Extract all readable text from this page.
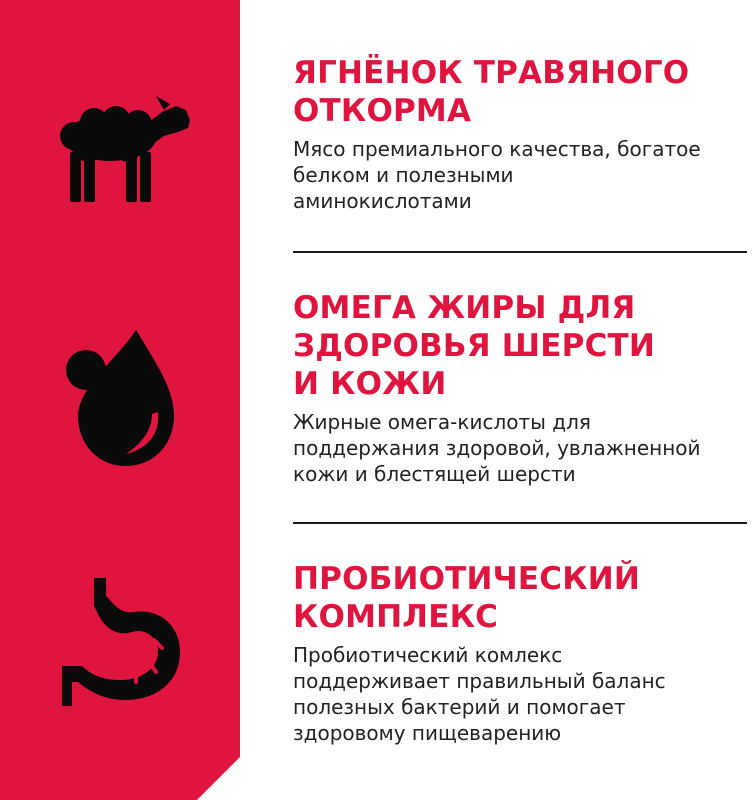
ЯГНЁНОК ТРАВЯНОГО
ОТКОРМА
Мясо премиального качества, богатое
белком и полезными
аминокислотами
ОМЕГА ЖИРЫ ДЛЯ
ЗДОРОВЬЯ ШЕРСТИ
И КОЖИ
Жирные омега-кислоты для
поддержания здоровой, увлажненной
кожи и блестящей шерсти
ПРОБИОТИЧЕСКИЙ
КОМПЛЕКС
Пробиотический комлекс
поддерживает правильный баланс
полезных бактерий и помогает
здоровому пищеварению
